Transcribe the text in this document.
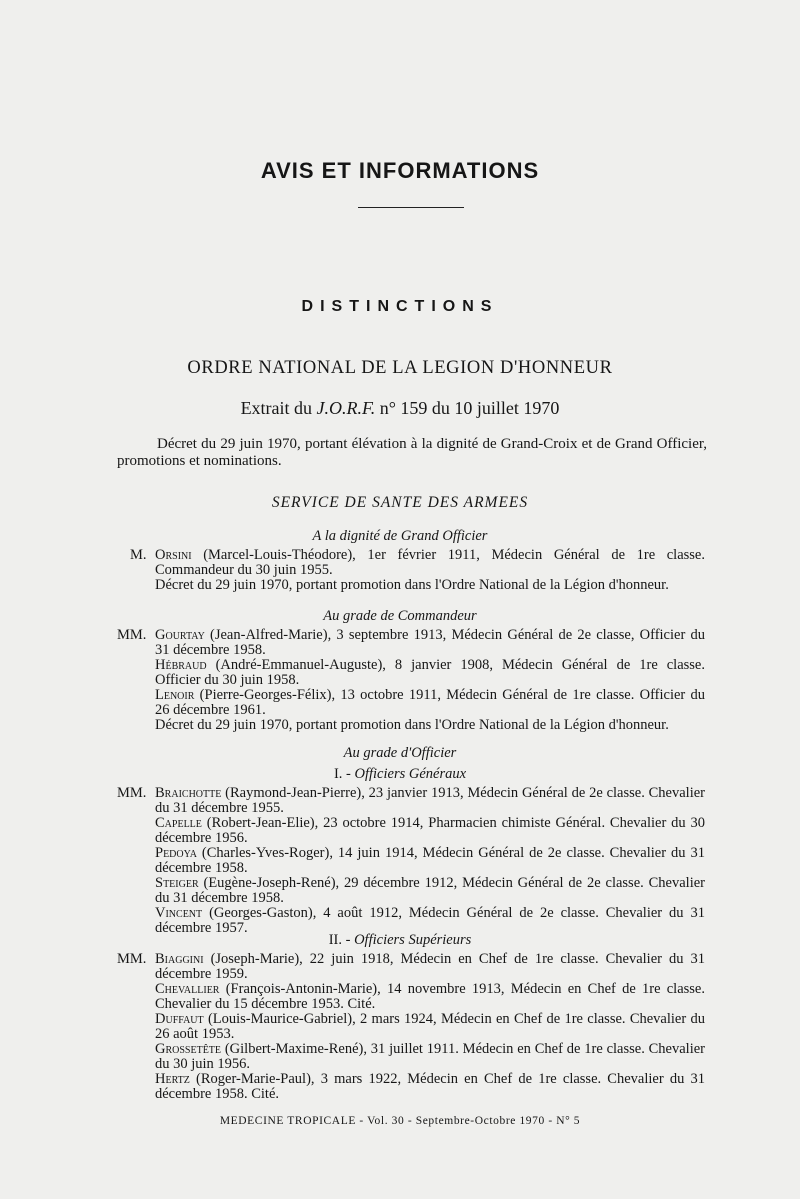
AVIS ET INFORMATIONS
DISTINCTIONS
ORDRE NATIONAL DE LA LEGION D'HONNEUR
Extrait du J.O.R.F. n° 159 du 10 juillet 1970
Décret du 29 juin 1970, portant élévation à la dignité de Grand-Croix et de Grand Officier, promotions et nominations.
SERVICE DE SANTE DES ARMEES
A la dignité de Grand Officier
M. Orsini (Marcel-Louis-Théodore), 1er février 1911, Médecin Général de 1re classe. Commandeur du 30 juin 1955.
Décret du 29 juin 1970, portant promotion dans l'Ordre National de la Légion d'honneur.
Au grade de Commandeur
MM. Gourtay (Jean-Alfred-Marie), 3 septembre 1913, Médecin Général de 2e classe, Officier du 31 décembre 1958.
Hébraud (André-Emmanuel-Auguste), 8 janvier 1908, Médecin Général de 1re classe. Officier du 30 juin 1958.
Lenoir (Pierre-Georges-Félix), 13 octobre 1911, Médecin Général de 1re classe. Officier du 26 décembre 1961.
Décret du 29 juin 1970, portant promotion dans l'Ordre National de la Légion d'honneur.
Au grade d'Officier
I. - Officiers Généraux
MM. Braichotte (Raymond-Jean-Pierre), 23 janvier 1913, Médecin Général de 2e classe. Chevalier du 31 décembre 1955.
Capelle (Robert-Jean-Elie), 23 octobre 1914, Pharmacien chimiste Général. Chevalier du 30 décembre 1956.
Pedoya (Charles-Yves-Roger), 14 juin 1914, Médecin Général de 2e classe. Chevalier du 31 décembre 1958.
Steiger (Eugène-Joseph-René), 29 décembre 1912, Médecin Général de 2e classe. Chevalier du 31 décembre 1958.
Vincent (Georges-Gaston), 4 août 1912, Médecin Général de 2e classe. Chevalier du 31 décembre 1957.
II. - Officiers Supérieurs
MM. Biaggini (Joseph-Marie), 22 juin 1918, Médecin en Chef de 1re classe. Chevalier du 31 décembre 1959.
Chevallier (François-Antonin-Marie), 14 novembre 1913, Médecin en Chef de 1re classe. Chevalier du 15 décembre 1953. Cité.
Duffaut (Louis-Maurice-Gabriel), 2 mars 1924, Médecin en Chef de 1re classe. Chevalier du 26 août 1953.
Grossetête (Gilbert-Maxime-René), 31 juillet 1911. Médecin en Chef de 1re classe. Chevalier du 30 juin 1956.
Hertz (Roger-Marie-Paul), 3 mars 1922, Médecin en Chef de 1re classe. Chevalier du 31 décembre 1958. Cité.
MEDECINE TROPICALE - Vol. 30 - Septembre-Octobre 1970 - N° 5
